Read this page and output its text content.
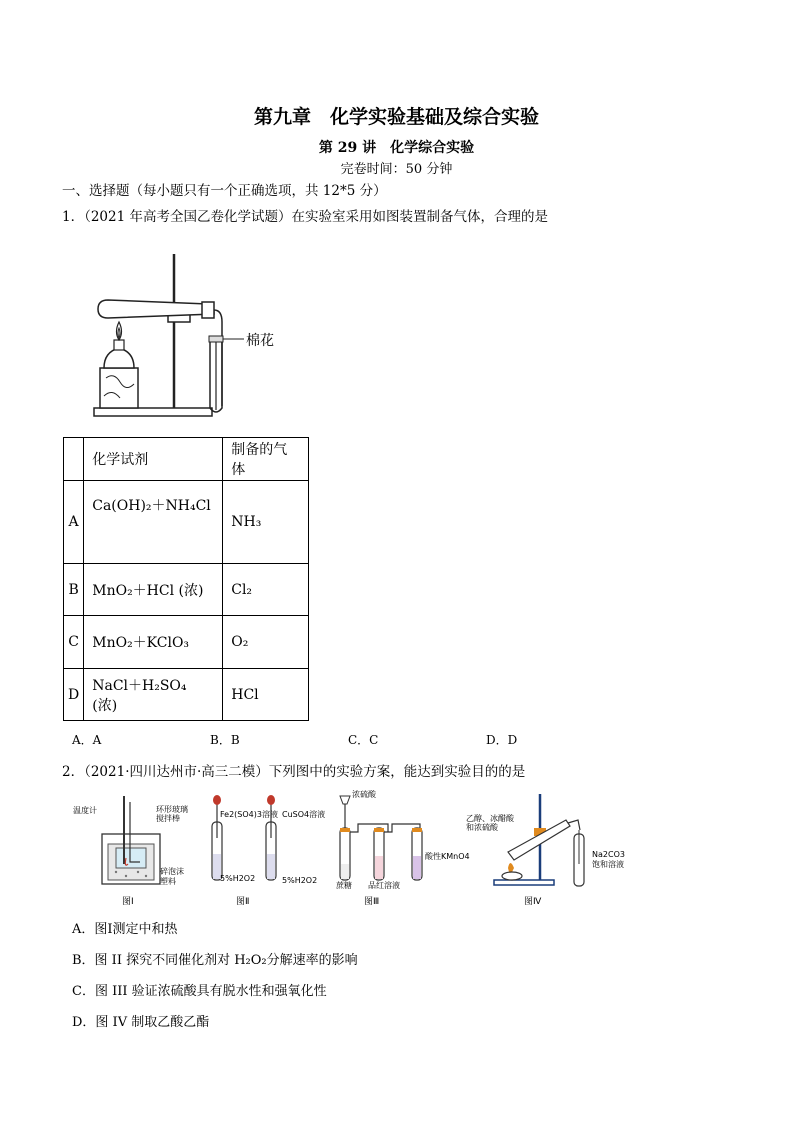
第九章　化学实验基础及综合实验
第 29 讲　化学综合实验
完卷时间：50 分钟
一、选择题（每小题只有一个正确选项，共 12*5 分）
1．（2021 年高考全国乙卷化学试题）在实验室采用如图装置制备气体，合理的是
棉花
	化学试剂	制备的气体
A	Ca(OH)₂＋NH₄Cl	NH₃
B	MnO₂＋HCl (浓)	Cl₂
C	MnO₂＋KClO₃	O₂
D	NaCl＋H₂SO₄ (浓)	HCl
A．A	B．B	C．C	D．D
2．（2021·四川达州市·高三二模）下列图中的实验方案，能达到实验目的的是
温度计	环形玻璃
搅拌棒
碎泡沫
塑料
图Ⅰ
Fe2(SO4)3溶液 CuSO4溶液
5%H2O2	5%H2O2
图Ⅱ
浓硫酸
酸性KMnO4
蔗糖 品红溶液
图Ⅲ
乙醇、冰醋酸
和浓硫酸
Na2CO3
饱和溶液
图Ⅳ
A．图Ⅰ测定中和热
B．图 II 探究不同催化剂对 H₂O₂分解速率的影响
C．图 III 验证浓硫酸具有脱水性和强氧化性
D．图 IV 制取乙酸乙酯
